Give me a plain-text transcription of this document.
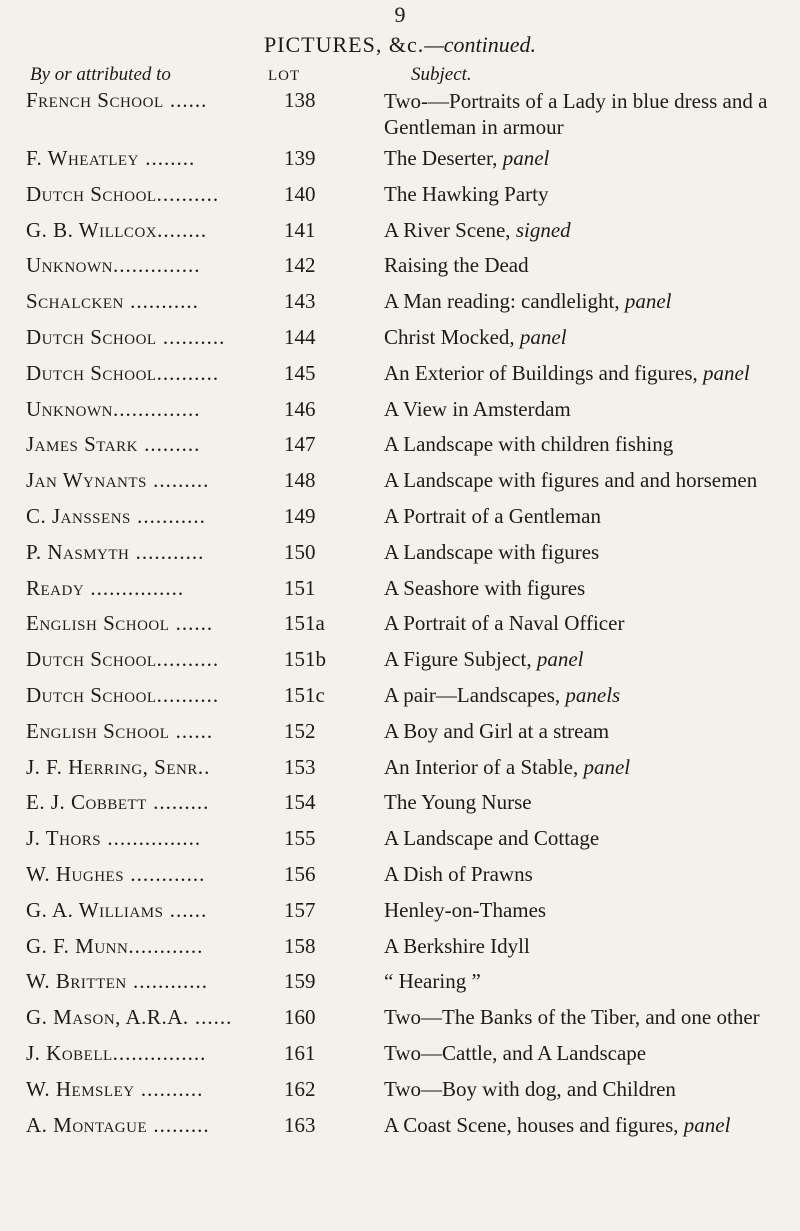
9
PICTURES, &c.—continued.
By or attributed to	LOT	Subject.
French School ......	138	Two-—Portraits of a Lady in blue dress and a Gentleman in armour
F. Wheatley ........	139	The Deserter, panel
Dutch School..........	140	The Hawking Party
G. B. Willcox........	141	A River Scene, signed
Unknown..............	142	Raising the Dead
Schalcken ...........	143	A Man reading: candlelight, panel
Dutch School ..........	144	Christ Mocked, panel
Dutch School..........	145	An Exterior of Buildings and figures, panel
Unknown..............	146	A View in Amsterdam
James Stark .........	147	A Landscape with children fishing
Jan Wynants .........	148	A Landscape with figures and and horsemen
C. Janssens ...........	149	A Portrait of a Gentleman
P. Nasmyth ...........	150	A Landscape with figures
Ready ...............	151	A Seashore with figures
English School ......	151a	A Portrait of a Naval Officer
Dutch School..........	151b	A Figure Subject, panel
Dutch School..........	151c	A pair—Landscapes, panels
English School ......	152	A Boy and Girl at a stream
J. F. Herring, Senr..	153	An Interior of a Stable, panel
E. J. Cobbett .........	154	The Young Nurse
J. Thors ...............	155	A Landscape and Cottage
W. Hughes ............	156	A Dish of Prawns
G. A. Williams ......	157	Henley-on-Thames
G. F. Munn............	158	A Berkshire Idyll
W. Britten ............	159	“ Hearing ”
G. Mason, A.R.A. ......	160	Two—The Banks of the Tiber, and one other
J. Kobell...............	161	Two—Cattle, and A Landscape
W. Hemsley ..........	162	Two—Boy with dog, and Children
A. Montague .........	163	A Coast Scene, houses and figures, panel
